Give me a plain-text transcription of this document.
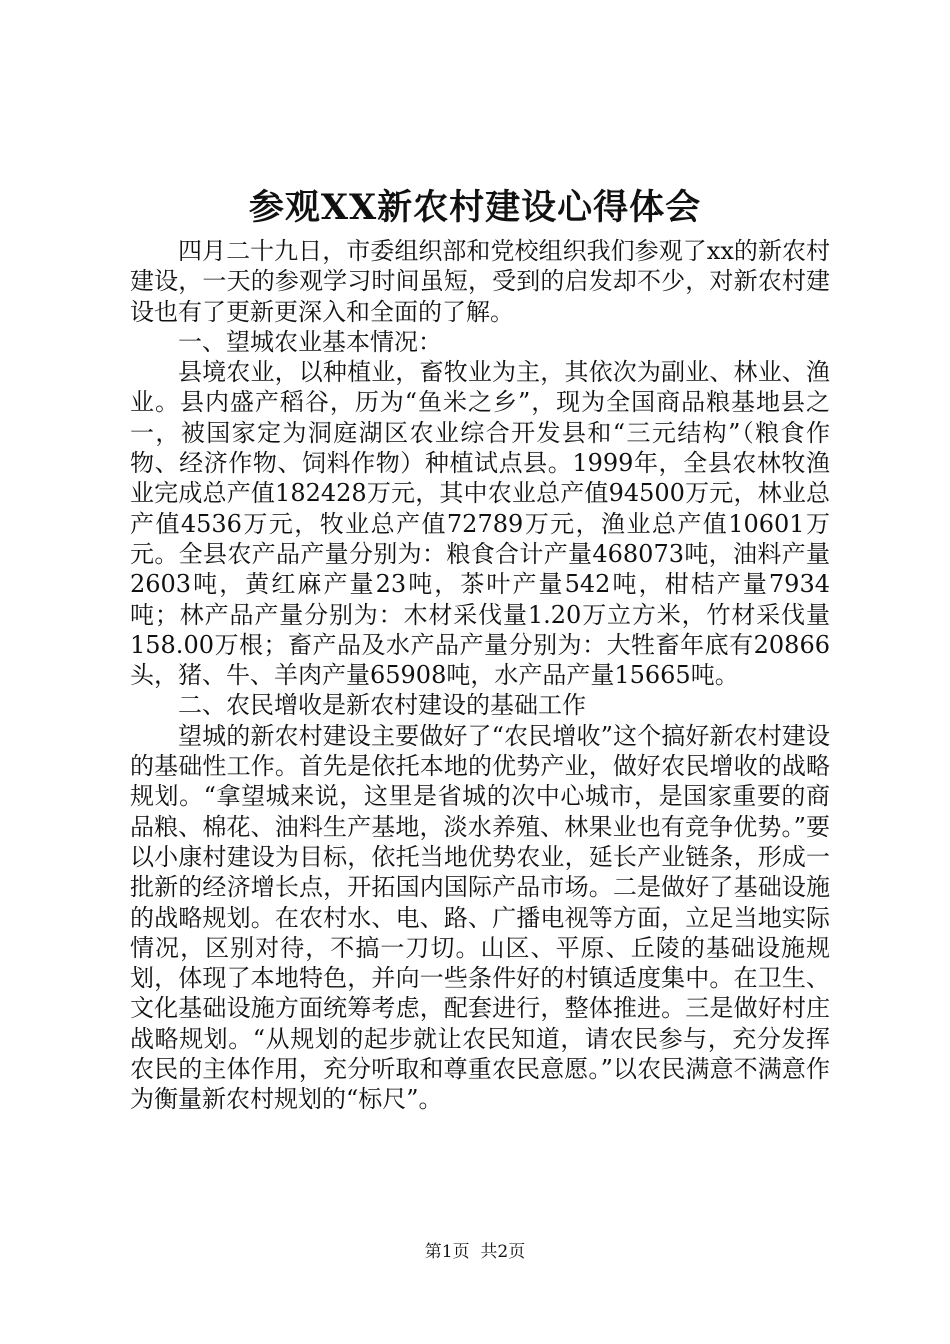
参观XX新农村建设心得体会

四月二十九日，市委组织部和党校组织我们参观了xx的新农村建设，一天的参观学习时间虽短，受到的启发却不少，对新农村建设也有了更新更深入和全面的了解。

一、望城农业基本情况：

县境农业，以种植业，畜牧业为主，其依次为副业、林业、渔业。县内盛产稻谷，历为“鱼米之乡”，现为全国商品粮基地县之一，被国家定为洞庭湖区农业综合开发县和“三元结构”（粮食作物、经济作物、饲料作物）种植试点县。1999年，全县农林牧渔业完成总产值182428万元，其中农业总产值94500万元，林业总产值4536万元，牧业总产值72789万元，渔业总产值10601万元。全县农产品产量分别为：粮食合计产量468073吨，油料产量2603吨，黄红麻产量23吨，茶叶产量542吨，柑桔产量7934吨；林产品产量分别为：木材采伐量1.20万立方米，竹材采伐量158.00万根；畜产品及水产品产量分别为：大牲畜年底有20866头，猪、牛、羊肉产量65908吨，水产品产量15665吨。

二、农民增收是新农村建设的基础工作

望城的新农村建设主要做好了“农民增收”这个搞好新农村建设的基础性工作。首先是依托本地的优势产业，做好农民增收的战略规划。“拿望城来说，这里是省城的次中心城市，是国家重要的商品粮、棉花、油料生产基地，淡水养殖、林果业也有竞争优势。”要以小康村建设为目标，依托当地优势农业，延长产业链条，形成一批新的经济增长点，开拓国内国际产品市场。二是做好了基础设施的战略规划。在农村水、电、路、广播电视等方面，立足当地实际情况，区别对待，不搞一刀切。山区、平原、丘陵的基础设施规划，体现了本地特色，并向一些条件好的村镇适度集中。在卫生、文化基础设施方面统筹考虑，配套进行，整体推进。三是做好村庄战略规划。“从规划的起步就让农民知道，请农民参与，充分发挥农民的主体作用，充分听取和尊重农民意愿。”以农民满意不满意作为衡量新农村规划的“标尺”。

第1页 共2页
